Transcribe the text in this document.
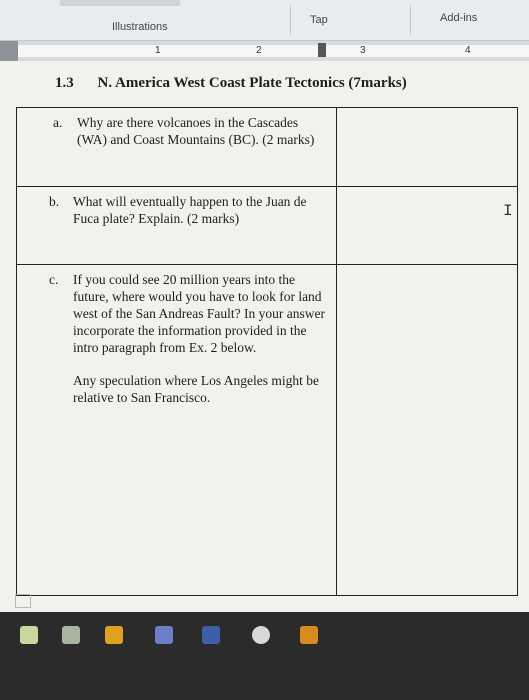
Illustrations
Tap	Add-ins
1	2	3	4
1.3 N. America West Coast Plate Tectonics (7marks)
a.	Why are there volcanoes in the Cascades (WA) and Coast Mountains (BC). (2 marks)
b.	What will eventually happen to the Juan de Fuca plate? Explain. (2 marks)
c.	If you could see 20 million years into the future, where would you have to look for land west of the San Andreas Fault? In your answer incorporate the information provided in the intro paragraph from Ex. 2 below.
Any speculation where Los Angeles might be relative to San Francisco.
I
